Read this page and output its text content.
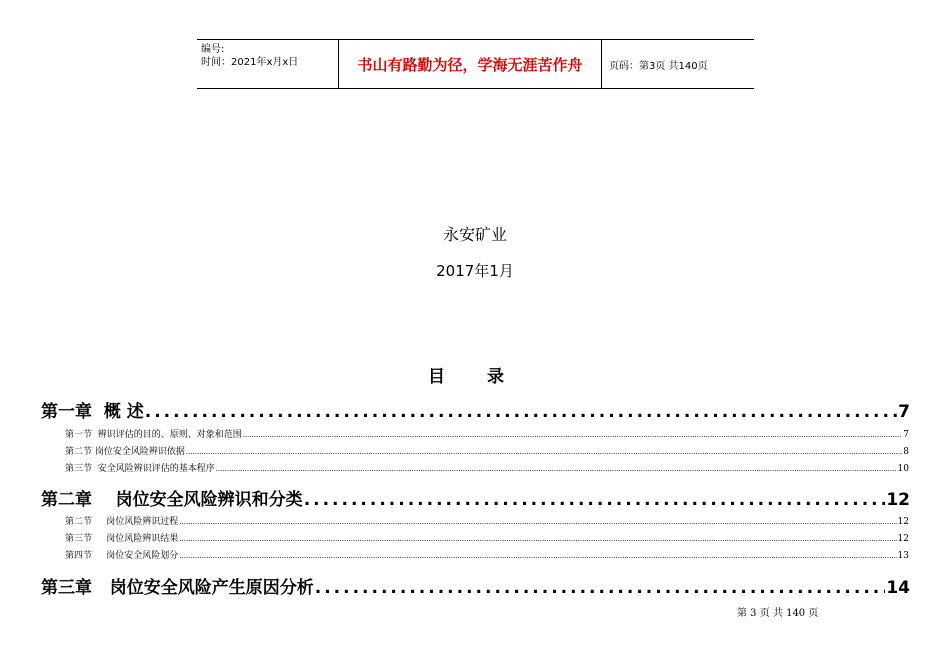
编号:
时间：2021年x月x日	书山有路勤为径，学海无涯苦作舟	页码：第3页 共140页
永安矿业
2017年1月
目 录
第一章  概 述 .....	7
第一节  辨识评估的目的、原则、对象和范围 .....	7
第二节 岗位安全风险辨识依据 .....	8
第三节  安全风险辨识评估的基本程序 .....	10
第二章    岗位安全风险辨识和分类 .....	12
第二节     岗位风险辨识过程 .....	12
第三节     岗位风险辨识结果 .....	12
第四节     岗位安全风险划分 .....	13
第三章   岗位安全风险产生原因分析 .....	14
第 3 页 共 140 页
